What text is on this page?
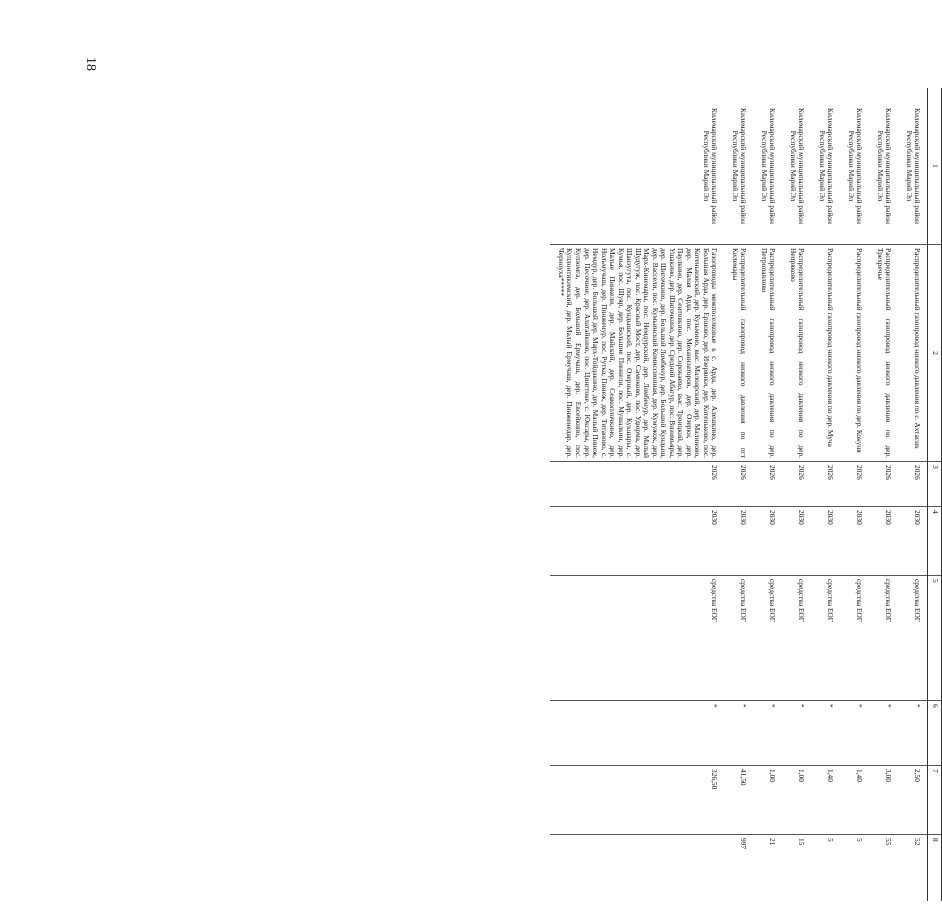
18
1	2	3	4	5	6	7	8
Килемарский муниципальный район Республики Марий Эл	Распределительный газопровод низкого давления по с. Ахтасик	2026	2030	средства ЕОГ	*	2,50	52
Килемарский муниципальный район Республики Марий Эл	Распределительный газопровод низкого давления по дер. Трехречье	2026	2030	средства ЕОГ	*	3,00	55
Килемарский муниципальный район Республики Марий Эл	Распределительный газопровод низкого давления по дер. Кокуня	2026	2030	средства ЕОГ	*	1,40	5
Килемарский муниципальный район Республики Марий Эл	Распределительный газопровод низкого давления по дер. Муча	2026	2030	средства ЕОГ	*	1,40	5
Килемарский муниципальный район Республики Марий Эл	Распределительный газопровод низкого давления по дер. Непряково	2026	2030	средства ЕОГ	*	1,00	15
Килемарский муниципальный район Республики Марий Эл	Распределительный газопровод низкого давления по дер. Петропавлово	2026	2030	средства ЕОГ	*	1,00	21
Килемарский муниципальный район Республики Марий Эл	Распределительный газопровод низкого давления по пгт Килемары	2026	2030	средства ЕОГ	*	41,50	997
Килемарский муниципальный район Республики Марий Эл	Газопроводы межпоселковые к с. Арда, дер. Алешкино, дер. Большая Арда, дер. Ершово, дер. Изерянки, дер. Котеньково, пос. Котеньковский, дер. Кузьмино, выс. Малоарский, дер. Малиново, дер. Малая Арда, пос. Механизаторов, дер. Озерки, дер. Паулкино, дер. Сеитовкино, дер. Сорокаево, выс. Троицкий, дер. Ушакино, дер. Шигочкино, дер. Средний Абагур, пос. Визимьяры, дер. Шигочкино, дер. Большой Ломбенур, дер. Большой Кундыш, дер. Вассели, пос. Кумьинский Комиссионная, дер. Кумужок, дер. Марх-Кинемары, пос. Немдурский, дер. Ломбенур, дер. Малый Шудугуж, пос. Красный Мост, дер. Самоково, пос. Удюрма, дер. Шанзугута, пос. Кундышский, пос. Озерный, дер. Кукшары, с. Кумья, пос. Шуяр, дер. Большие Пинкели, пос. Мушалкин, дер. Малые Пинкели, дер. Майский, дер. Сеакоплочкино, дер. Нольмучаш, дер. Пинженур, пос. Рутка, Пинеж, дер. Титаново, с. Немдур, дер. Большой дер. Марх-Тойдакино, дер. Малый Пинеж, дер. Песочное, дер. Алатайкино, пос. Цингтоке, с. Юксары, дер. Купзомга, дер. Большой Ермучаш, дер. Евсейкино, пос. Куплонтикимский, дер. Малый Ермучаш, дер. Пинженедар, дер. Черноуха*****	2026	2030	средства ЕОГ	*	326,50	
